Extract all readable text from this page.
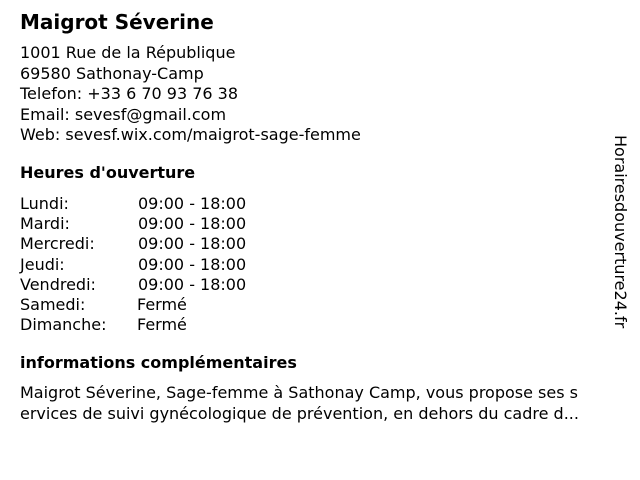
Maigrot Séverine
1001 Rue de la République
69580 Sathonay-Camp
Telefon: +33 6 70 93 76 38
Email: sevesf@gmail.com
Web: sevesf.wix.com/maigrot-sage-femme
Heures d'ouverture
Lundi:	09:00 - 18:00
Mardi:	09:00 - 18:00
Mercredi:	09:00 - 18:00
Jeudi:	09:00 - 18:00
Vendredi:	09:00 - 18:00
Samedi:	Fermé
Dimanche: Fermé
informations complémentaires
Maigrot Séverine, Sage-femme à Sathonay Camp, vous propose ses s
ervices de suivi gynécologique de prévention, en dehors du cadre d...
Horairesdouverture24.fr
